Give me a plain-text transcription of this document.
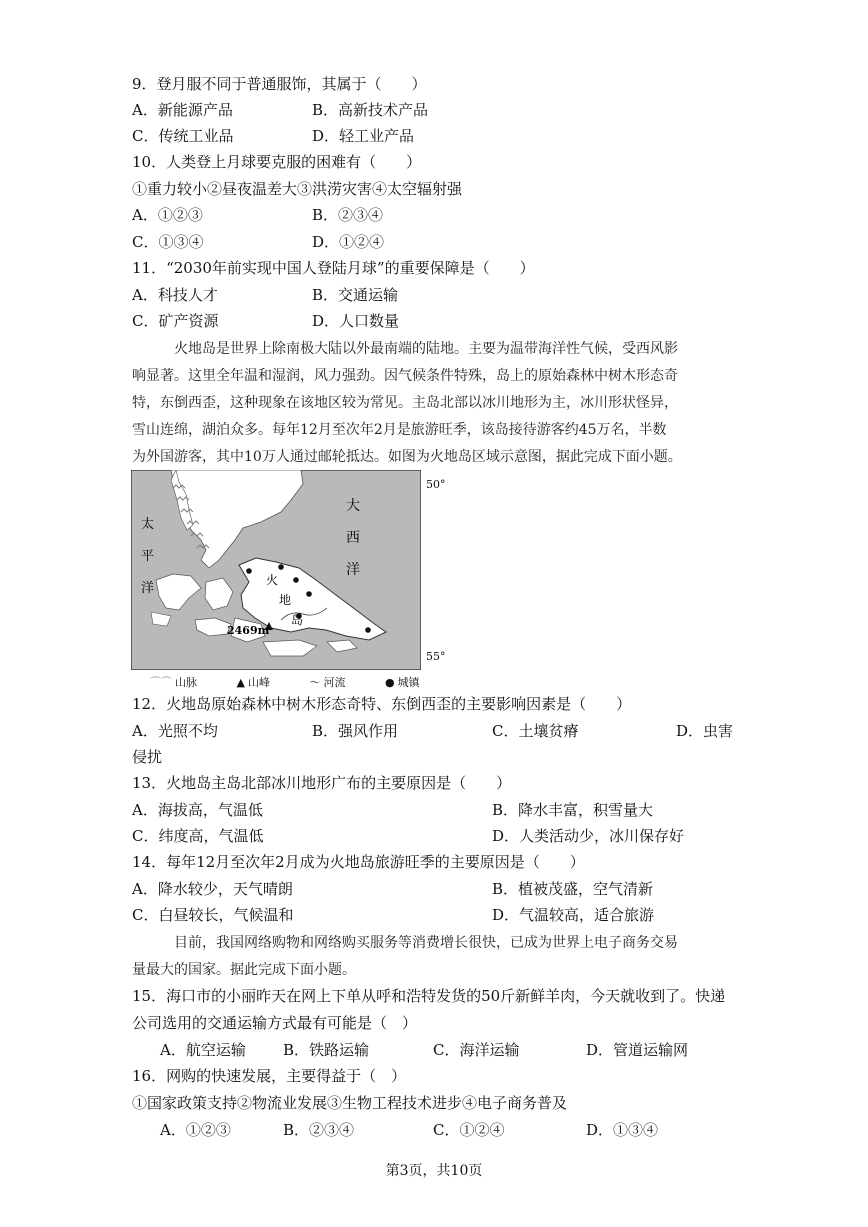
9．登月服不同于普通服饰，其属于（　　）
A．新能源产品	B．高新技术产品
C．传统工业品	D．轻工业产品
10．人类登上月球要克服的困难有（　　）
①重力较小②昼夜温差大③洪涝灾害④太空辐射强
A．①②③	B．②③④
C．①③④	D．①②④
11．“2030年前实现中国人登陆月球”的重要保障是（　　）
A．科技人才	B．交通运输
C．矿产资源	D．人口数量

火地岛是世界上除南极大陆以外最南端的陆地。主要为温带海洋性气候，受西风影

响显著。这里全年温和湿润，风力强劲。因气候条件特殊，岛上的原始森林中树木形态奇

特，东倒西歪，这种现象在该地区较为常见。主岛北部以冰川地形为主，冰川形状怪异，

雪山连绵，湖泊众多。每年12月至次年2月是旅游旺季，该岛接待游客约45万名，半数

为外国游客，其中10万人通过邮轮抵达。如图为火地岛区域示意图，据此完成下面小题。

2469m
太
平
洋
大
西
洋
火
地
岛
50°
55°
⌒⌒ 山脉	▲ 山峰	〜 河流	● 城镇
12．火地岛原始森林中树木形态奇特、东倒西歪的主要影响因素是（　　）
A．光照不均	B．强风作用	C．土壤贫瘠	D．虫害
侵扰
13．火地岛主岛北部冰川地形广布的主要原因是（　　）
A．海拔高，气温低	B．降水丰富，积雪量大
C．纬度高，气温低	D．人类活动少，冰川保存好
14．每年12月至次年2月成为火地岛旅游旺季的主要原因是（　　）
A．降水较少，天气晴朗	B．植被茂盛，空气清新
C．白昼较长，气候温和	D．气温较高，适合旅游

目前，我国网络购物和网络购买服务等消费增长很快，已成为世界上电子商务交易

量最大的国家。据此完成下面小题。

15．海口市的小丽昨天在网上下单从呼和浩特发货的50斤新鲜羊肉，今天就收到了。快递
公司选用的交通运输方式最有可能是（　）
A．航空运输 B．铁路运输	C．海洋运输	D．管道运输网
16．网购的快速发展，主要得益于（　）
①国家政策支持②物流业发展③生物工程技术进步④电子商务普及
A．①②③	B．②③④	C．①②④	D．①③④
第3页，共10页
